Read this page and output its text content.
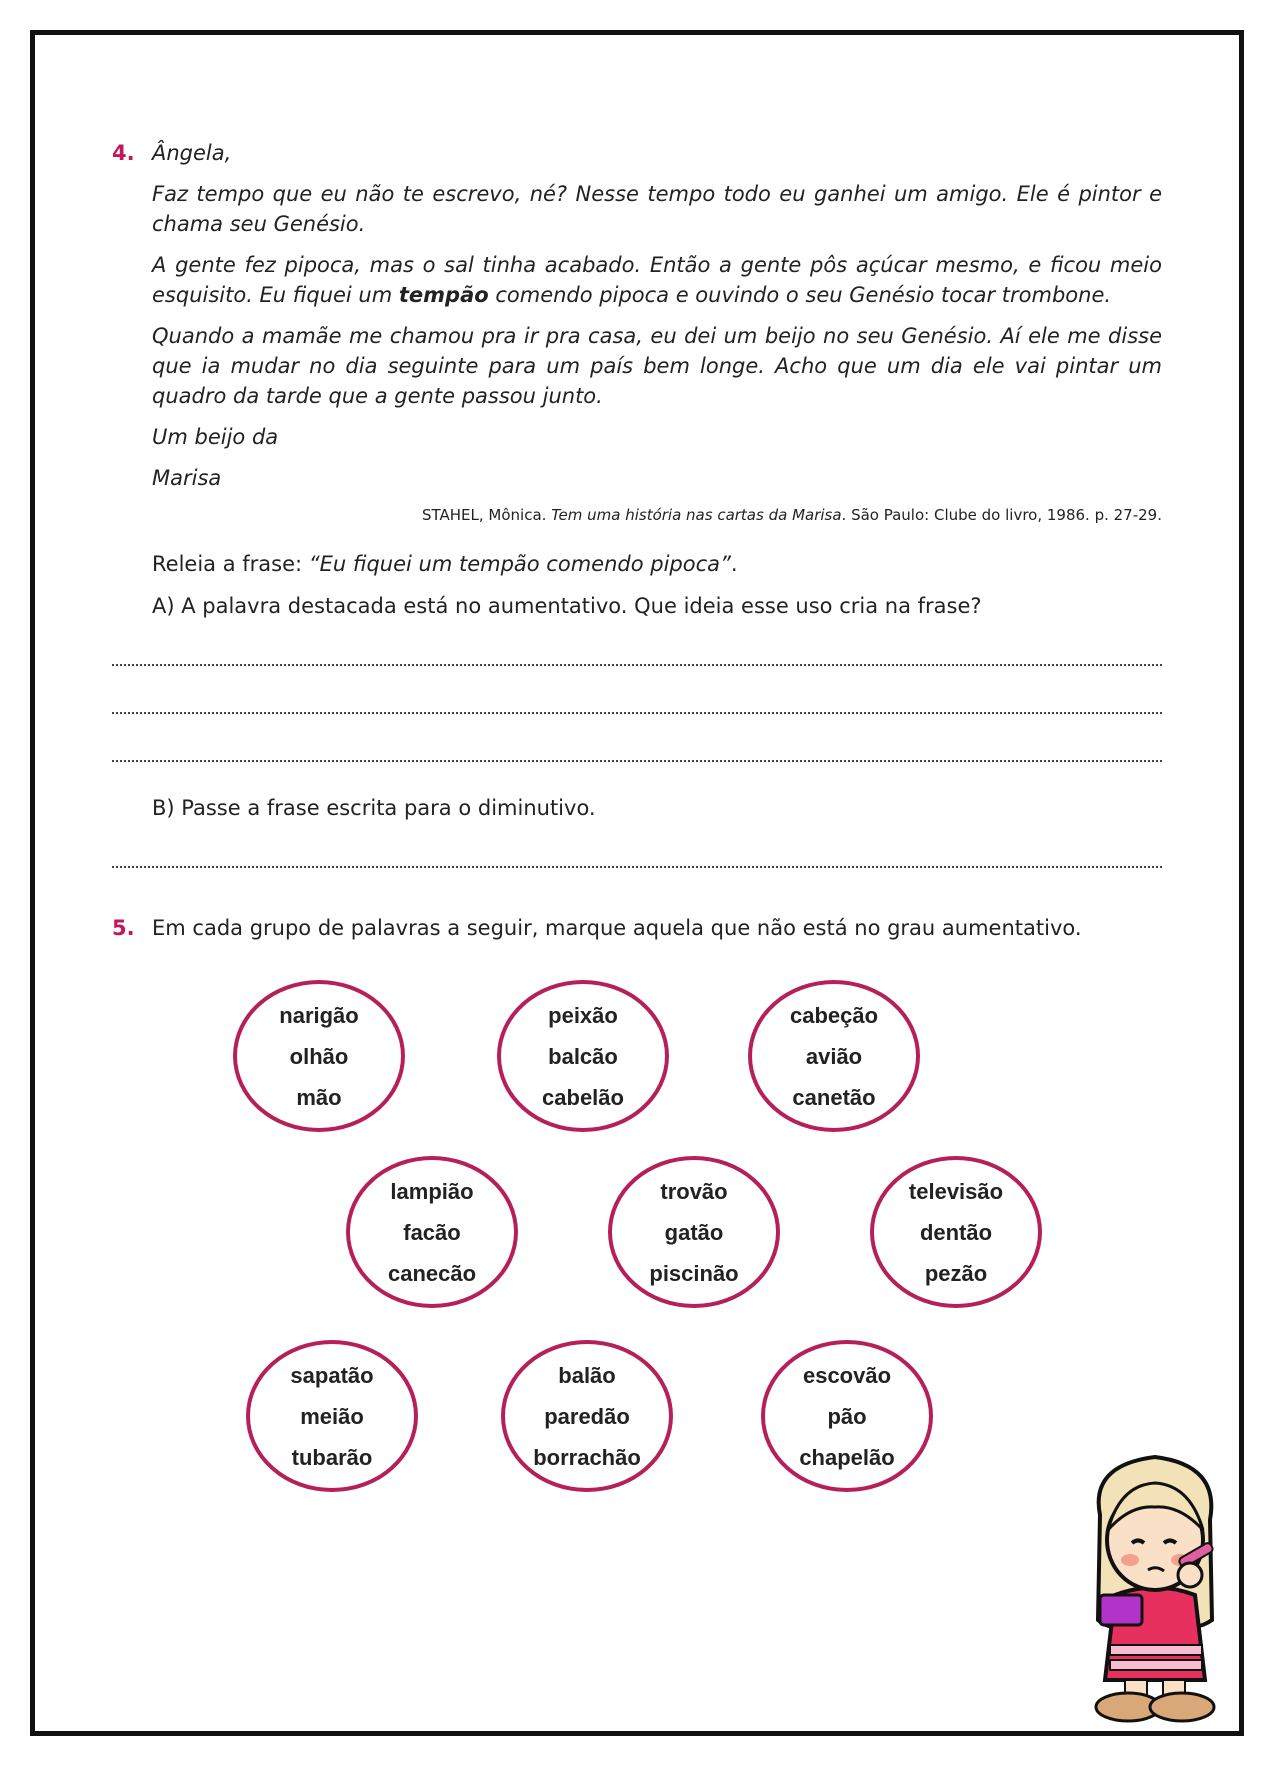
4. Ângela,

Faz tempo que eu não te escrevo, né? Nesse tempo todo eu ganhei um amigo. Ele é pintor e chama seu Genésio.

A gente fez pipoca, mas o sal tinha acabado. Então a gente pôs açúcar mesmo, e ficou meio esquisito. Eu fiquei um tempão comendo pipoca e ouvindo o seu Genésio tocar trombone.

Quando a mamãe me chamou pra ir pra casa, eu dei um beijo no seu Genésio. Aí ele me disse que ia mudar no dia seguinte para um país bem longe. Acho que um dia ele vai pintar um quadro da tarde que a gente passou junto.

Um beijo da

Marisa

STAHEL, Mônica. Tem uma história nas cartas da Marisa. São Paulo: Clube do livro, 1986. p. 27-29.
Releia a frase: “Eu fiquei um tempão comendo pipoca”.
A) A palavra destacada está no aumentativo. Que ideia esse uso cria na frase?
B) Passe a frase escrita para o diminutivo.
5. Em cada grupo de palavras a seguir, marque aquela que não está no grau aumentativo.
narigão
olhão
mão
peixão
balcão
cabelão
cabeção
avião
canetão
lampião
facão
canecão
trovão
gatão
piscinão
televisão
dentão
pezão
sapatão
meião
tubarão
balão
paredão
borrachão
escovão
pão
chapelão
